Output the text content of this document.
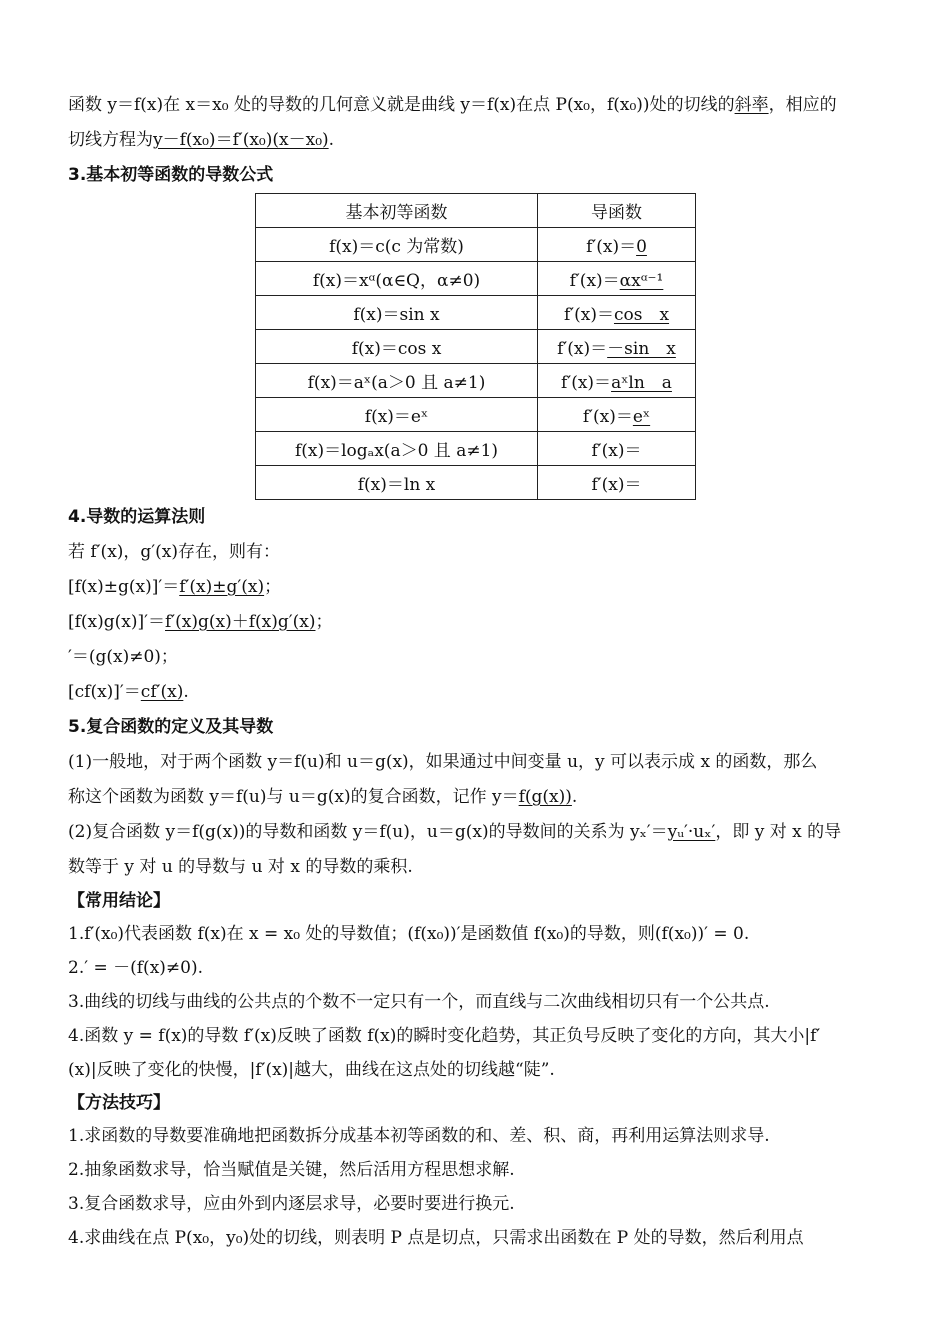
函数 y＝f(x)在 x＝x₀ 处的导数的几何意义就是曲线 y＝f(x)在点 P(x₀，f(x₀))处的切线的斜率，相应的
切线方程为y－f(x₀)＝f′(x₀)(x－x₀).
3.基本初等函数的导数公式
基本初等函数	导函数
f(x)＝c(c 为常数)	f′(x)＝0
f(x)＝xᵅ(α∈Q，α≠0)	f′(x)＝αxᵅ⁻¹
f(x)＝sin x	f′(x)＝cos　x
f(x)＝cos x	f′(x)＝－sin　x
f(x)＝aˣ(a＞0 且 a≠1)	f′(x)＝aˣln　a
f(x)＝eˣ	f′(x)＝eˣ
f(x)＝logₐx(a＞0 且 a≠1)	f′(x)＝
f(x)＝ln x	f′(x)＝
4.导数的运算法则
若 f′(x)，g′(x)存在，则有：
[f(x)±g(x)]′＝f′(x)±g′(x)；
[f(x)g(x)]′＝f′(x)g(x)＋f(x)g′(x)；
′＝(g(x)≠0)；
[cf(x)]′＝cf′(x).
5.复合函数的定义及其导数
(1)一般地，对于两个函数 y＝f(u)和 u＝g(x)，如果通过中间变量 u，y 可以表示成 x 的函数，那么
称这个函数为函数 y＝f(u)与 u＝g(x)的复合函数，记作 y＝f(g(x)).
(2)复合函数 y＝f(g(x))的导数和函数 y＝f(u)，u＝g(x)的导数间的关系为 yₓ′＝yᵤ′·uₓ′，即 y 对 x 的导
数等于 y 对 u 的导数与 u 对 x 的导数的乘积.
【常用结论】
1.f′(x₀)代表函数 f(x)在 x = x₀ 处的导数值；(f(x₀))′是函数值 f(x₀)的导数，则(f(x₀))′ = 0.
2.′ = －(f(x)≠0).
3.曲线的切线与曲线的公共点的个数不一定只有一个，而直线与二次曲线相切只有一个公共点.
4.函数 y = f(x)的导数 f′(x)反映了函数 f(x)的瞬时变化趋势，其正负号反映了变化的方向，其大小|f′
(x)|反映了变化的快慢，|f′(x)|越大，曲线在这点处的切线越“陡”.
【方法技巧】
1.求函数的导数要准确地把函数拆分成基本初等函数的和、差、积、商，再利用运算法则求导.
2.抽象函数求导，恰当赋值是关键，然后活用方程思想求解.
3.复合函数求导，应由外到内逐层求导，必要时要进行换元.
4.求曲线在点 P(x₀，y₀)处的切线，则表明 P 点是切点，只需求出函数在 P 处的导数，然后利用点
